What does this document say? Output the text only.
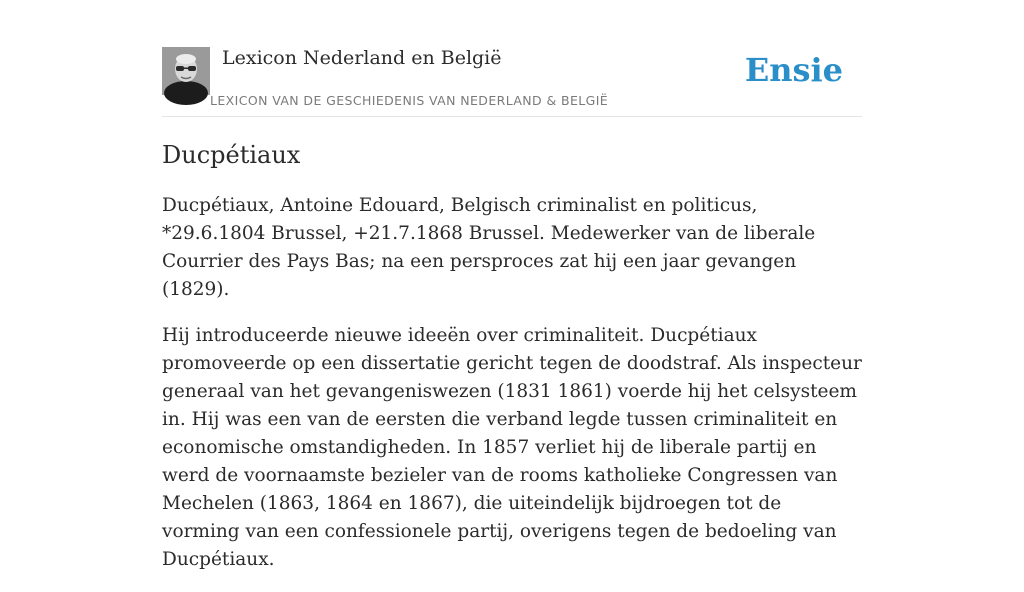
Lexicon Nederland en België
LEXICON VAN DE GESCHIEDENIS VAN NEDERLAND & BELGIË
Ensie
Ducpétiaux

Ducpétiaux, Antoine Edouard, Belgisch criminalist en politicus, *29.6.1804 Brussel, +21.7.1868 Brussel. Medewerker van de liberale Courrier des Pays Bas; na een persproces zat hij een jaar gevangen (1829).

Hij introduceerde nieuwe ideeën over criminaliteit. Ducpétiaux promoveerde op een dissertatie gericht tegen de doodstraf. Als inspecteur generaal van het gevangeniswezen (1831 1861) voerde hij het celsysteem in. Hij was een van de eersten die verband legde tussen criminaliteit en economische omstandigheden. In 1857 verliet hij de liberale partij en werd de voornaamste bezieler van de rooms katholieke Congressen van Mechelen (1863, 1864 en 1867), die uiteindelijk bijdroegen tot de vorming van een confessionele partij, overigens tegen de bedoeling van Ducpétiaux.
